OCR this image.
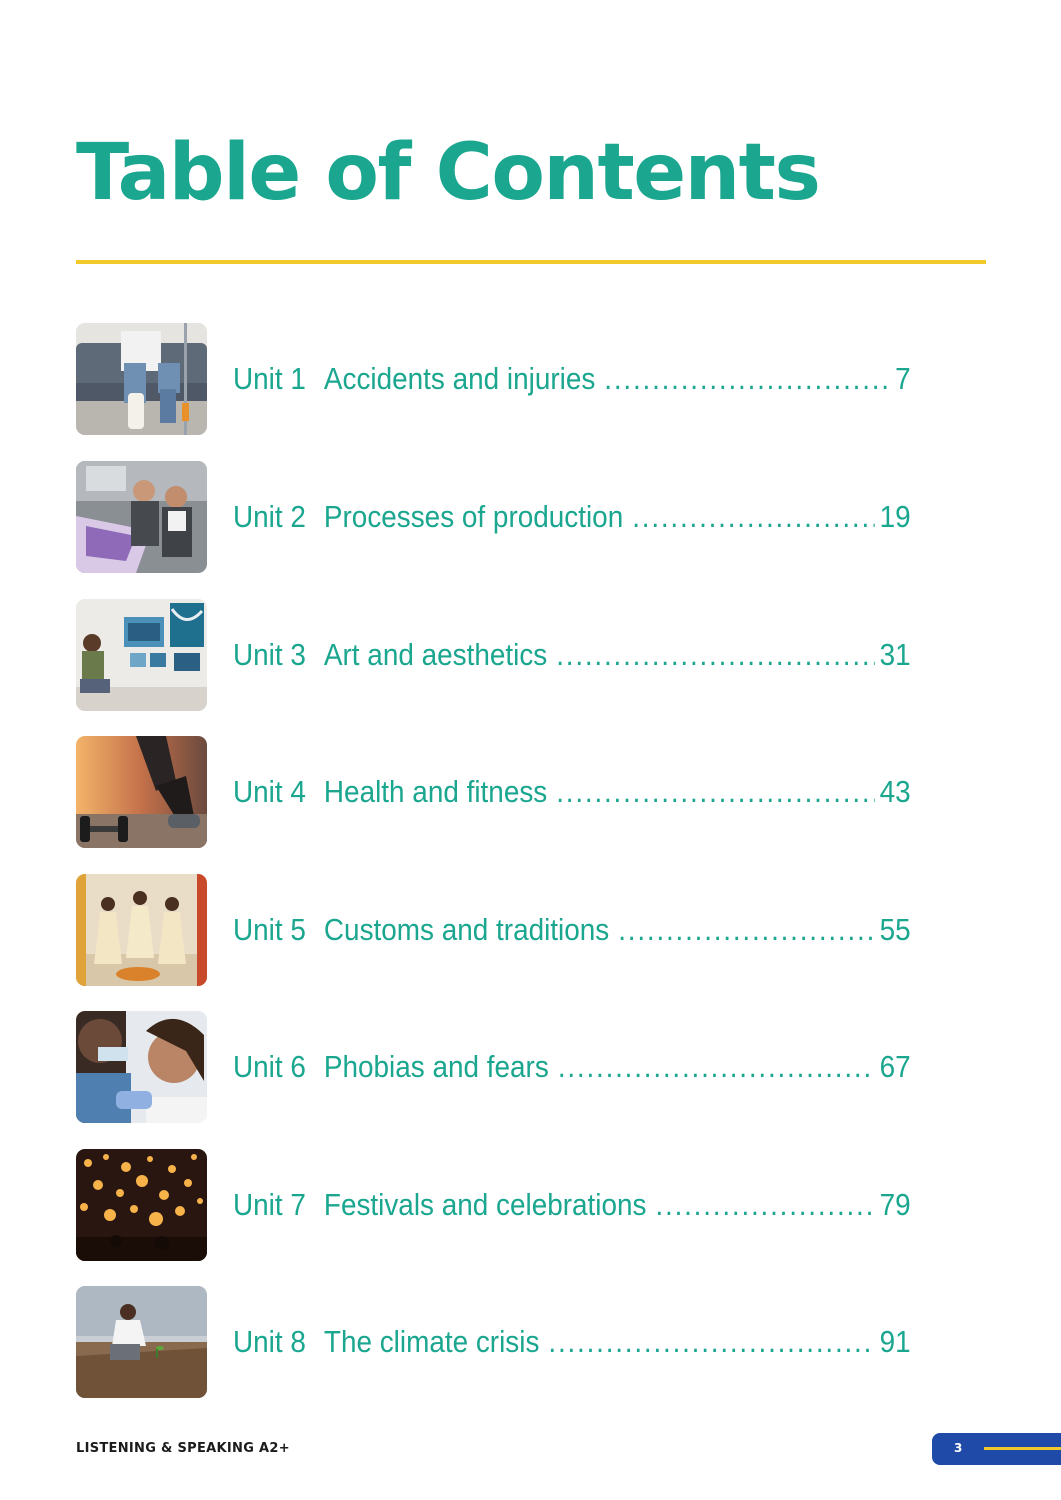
Table of Contents
Unit 1 Accidents and injuries .....	7
Unit 2 Processes of production .....	19
Unit 3 Art and aesthetics .....	31
Unit 4 Health and fitness .....	43
Unit 5 Customs and traditions .....	55
Unit 6 Phobias and fears .....	67
Unit 7 Festivals and celebrations .....	79
Unit 8 The climate crisis .....	91
LISTENING & SPEAKING A2+	3
